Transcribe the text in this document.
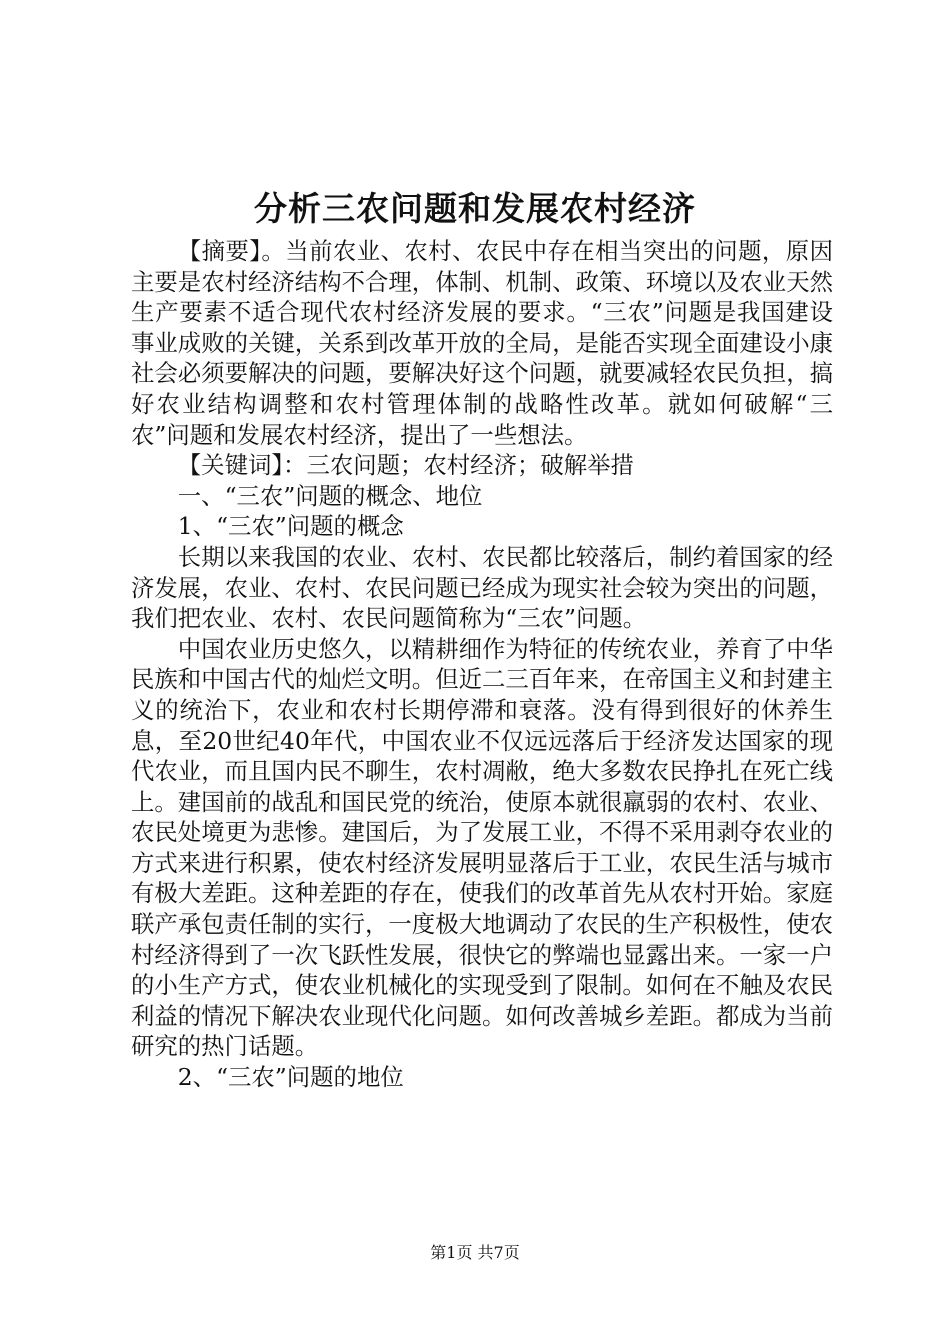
分析三农问题和发展农村经济

【摘要】。当前农业、农村、农民中存在相当突出的问题，原因主要是农村经济结构不合理，体制、机制、政策、环境以及农业天然生产要素不适合现代农村经济发展的要求。“三农”问题是我国建设事业成败的关键，关系到改革开放的全局，是能否实现全面建设小康社会必须要解决的问题，要解决好这个问题，就要减轻农民负担，搞好农业结构调整和农村管理体制的战略性改革。就如何破解“三农”问题和发展农村经济，提出了一些想法。

【关键词】：三农问题；农村经济；破解举措

一、“三农”问题的概念、地位

1、“三农”问题的概念

长期以来我国的农业、农村、农民都比较落后，制约着国家的经济发展，农业、农村、农民问题已经成为现实社会较为突出的问题，我们把农业、农村、农民问题简称为“三农”问题。

中国农业历史悠久，以精耕细作为特征的传统农业，养育了中华民族和中国古代的灿烂文明。但近二三百年来，在帝国主义和封建主义的统治下，农业和农村长期停滞和衰落。没有得到很好的休养生息，至20世纪40年代，中国农业不仅远远落后于经济发达国家的现代农业，而且国内民不聊生，农村凋敝，绝大多数农民挣扎在死亡线上。建国前的战乱和国民党的统治，使原本就很羸弱的农村、农业、农民处境更为悲惨。建国后，为了发展工业，不得不采用剥夺农业的方式来进行积累，使农村经济发展明显落后于工业，农民生活与城市有极大差距。这种差距的存在，使我们的改革首先从农村开始。家庭联产承包责任制的实行，一度极大地调动了农民的生产积极性，使农村经济得到了一次飞跃性发展，很快它的弊端也显露出来。一家一户的小生产方式，使农业机械化的实现受到了限制。如何在不触及农民利益的情况下解决农业现代化问题。如何改善城乡差距。都成为当前研究的热门话题。

2、“三农”问题的地位

第1页 共7页
